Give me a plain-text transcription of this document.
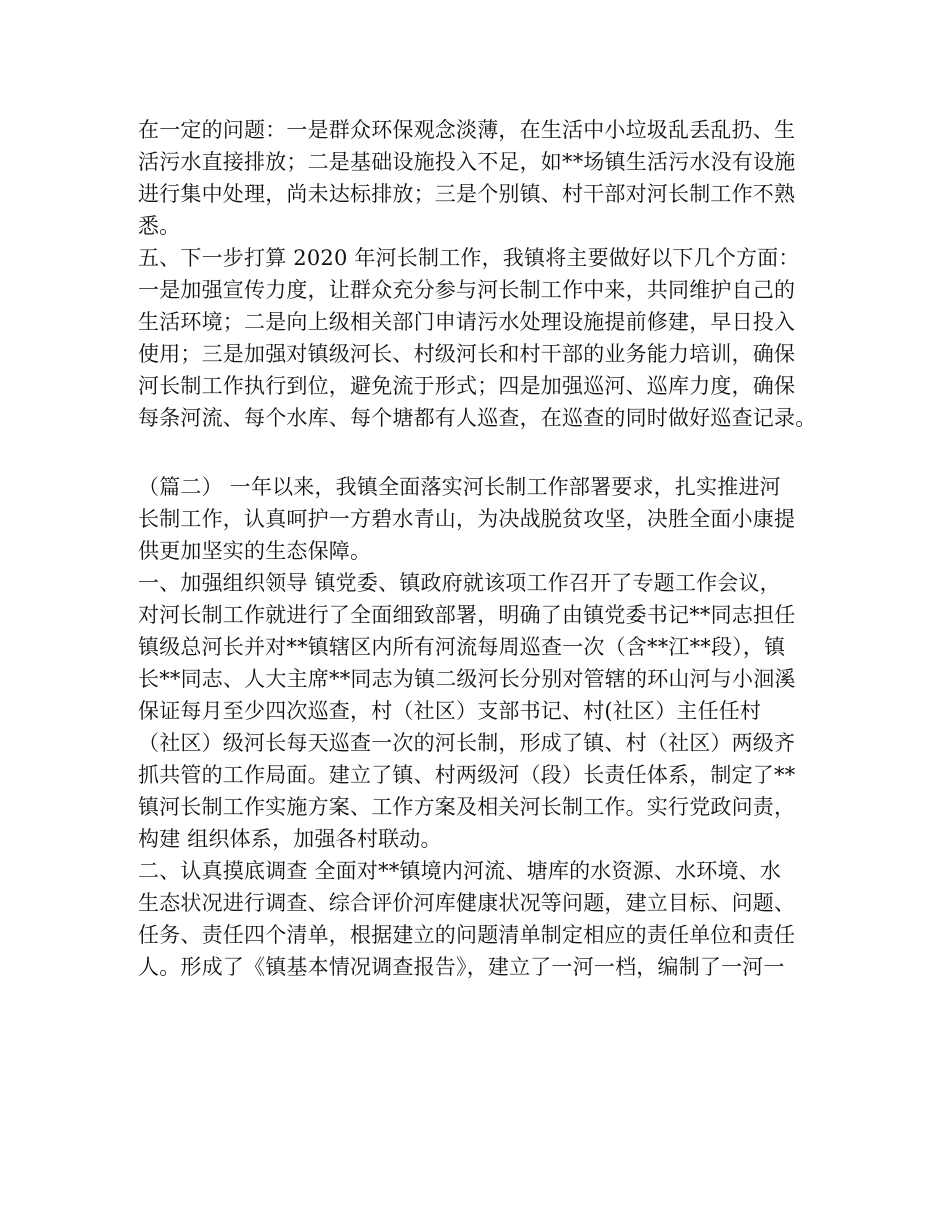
在一定的问题：一是群众环保观念淡薄，在生活中小垃圾乱丢乱扔、生
活污水直接排放；二是基础设施投入不足，如**场镇生活污水没有设施
进行集中处理，尚未达标排放；三是个别镇、村干部对河长制工作不熟
悉。
五、下一步打算 2020 年河长制工作，我镇将主要做好以下几个方面：
一是加强宣传力度，让群众充分参与河长制工作中来，共同维护自己的
生活环境；二是向上级相关部门申请污水处理设施提前修建，早日投入
使用；三是加强对镇级河长、村级河长和村干部的业务能力培训，确保
河长制工作执行到位，避免流于形式；四是加强巡河、巡库力度，确保
每条河流、每个水库、每个塘都有人巡查，在巡查的同时做好巡查记录。
（篇二） 一年以来，我镇全面落实河长制工作部署要求，扎实推进河
长制工作，认真呵护一方碧水青山，为决战脱贫攻坚，决胜全面小康提
供更加坚实的生态保障。
一、加强组织领导 镇党委、镇政府就该项工作召开了专题工作会议，
对河长制工作就进行了全面细致部署，明确了由镇党委书记**同志担任
镇级总河长并对**镇辖区内所有河流每周巡查一次（含**江**段），镇
长**同志、人大主席**同志为镇二级河长分别对管辖的环山河与小洄溪
保证每月至少四次巡查，村（社区）支部书记、村(社区）主任任村
（社区）级河长每天巡查一次的河长制，形成了镇、村（社区）两级齐
抓共管的工作局面。建立了镇、村两级河（段）长责任体系，制定了**
镇河长制工作实施方案、工作方案及相关河长制工作。实行党政问责，
构建 组织体系，加强各村联动。
二、认真摸底调查 全面对**镇境内河流、塘库的水资源、水环境、水
生态状况进行调查、综合评价河库健康状况等问题，建立目标、问题、
任务、责任四个清单，根据建立的问题清单制定相应的责任单位和责任
人。形成了《镇基本情况调查报告》，建立了一河一档，编制了一河一
